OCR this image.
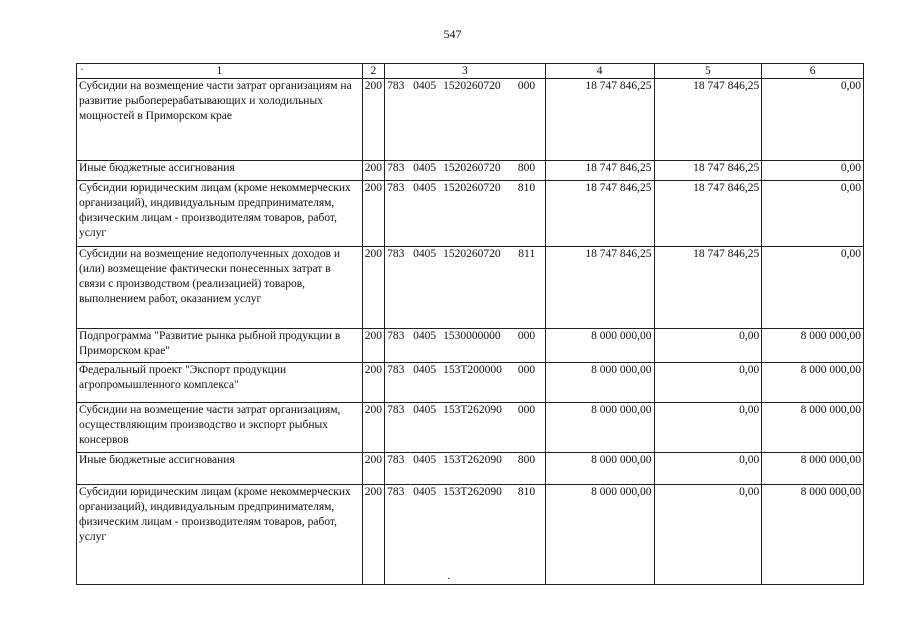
547
· 1	2	3	4	5	6
Субсидии на возмещение части затрат организациям на развитие рыбоперерабатывающих и холодильных мощностей в Приморском крае	200	783 0405 1520260720 000	18 747 846,25	18 747 846,25	0,00
Иные бюджетные ассигнования	200	783 0405 1520260720 800	18 747 846,25	18 747 846,25	0,00
Субсидии юридическим лицам (кроме некоммерческих организаций), индивидуальным предпринимателям, физическим лицам - производителям товаров, работ, услуг	200	783 0405 1520260720 810	18 747 846,25	18 747 846,25	0,00
Субсидии на возмещение недополученных доходов и (или) возмещение фактически понесенных затрат в связи с производством (реализацией) товаров, выполнением работ, оказанием услуг	200	783 0405 1520260720 811	18 747 846,25	18 747 846,25	0,00
Подпрограмма "Развитие рынка рыбной продукции в Приморском крае"	200	783 0405 1530000000 000	8 000 000,00	0,00	8 000 000,00
Федеральный проект "Экспорт продукции агропромышленного комплекса"	200	783 0405 153Т200000 000	8 000 000,00	0,00	8 000 000,00
Субсидии на возмещение части затрат организациям, осуществляющим производство и экспорт рыбных консервов	200	783 0405 153Т262090 000	8 000 000,00	0,00	8 000 000,00
Иные бюджетные ассигнования	200	783 0405 153Т262090 800	8 000 000,00	0,00	8 000 000,00
Субсидии юридическим лицам (кроме некоммерческих организаций), индивидуальным предпринимателям, физическим лицам - производителям товаров, работ, услуг	200	783 0405 153Т262090 810	8 000 000,00	0,00	8 000 000,00
·
